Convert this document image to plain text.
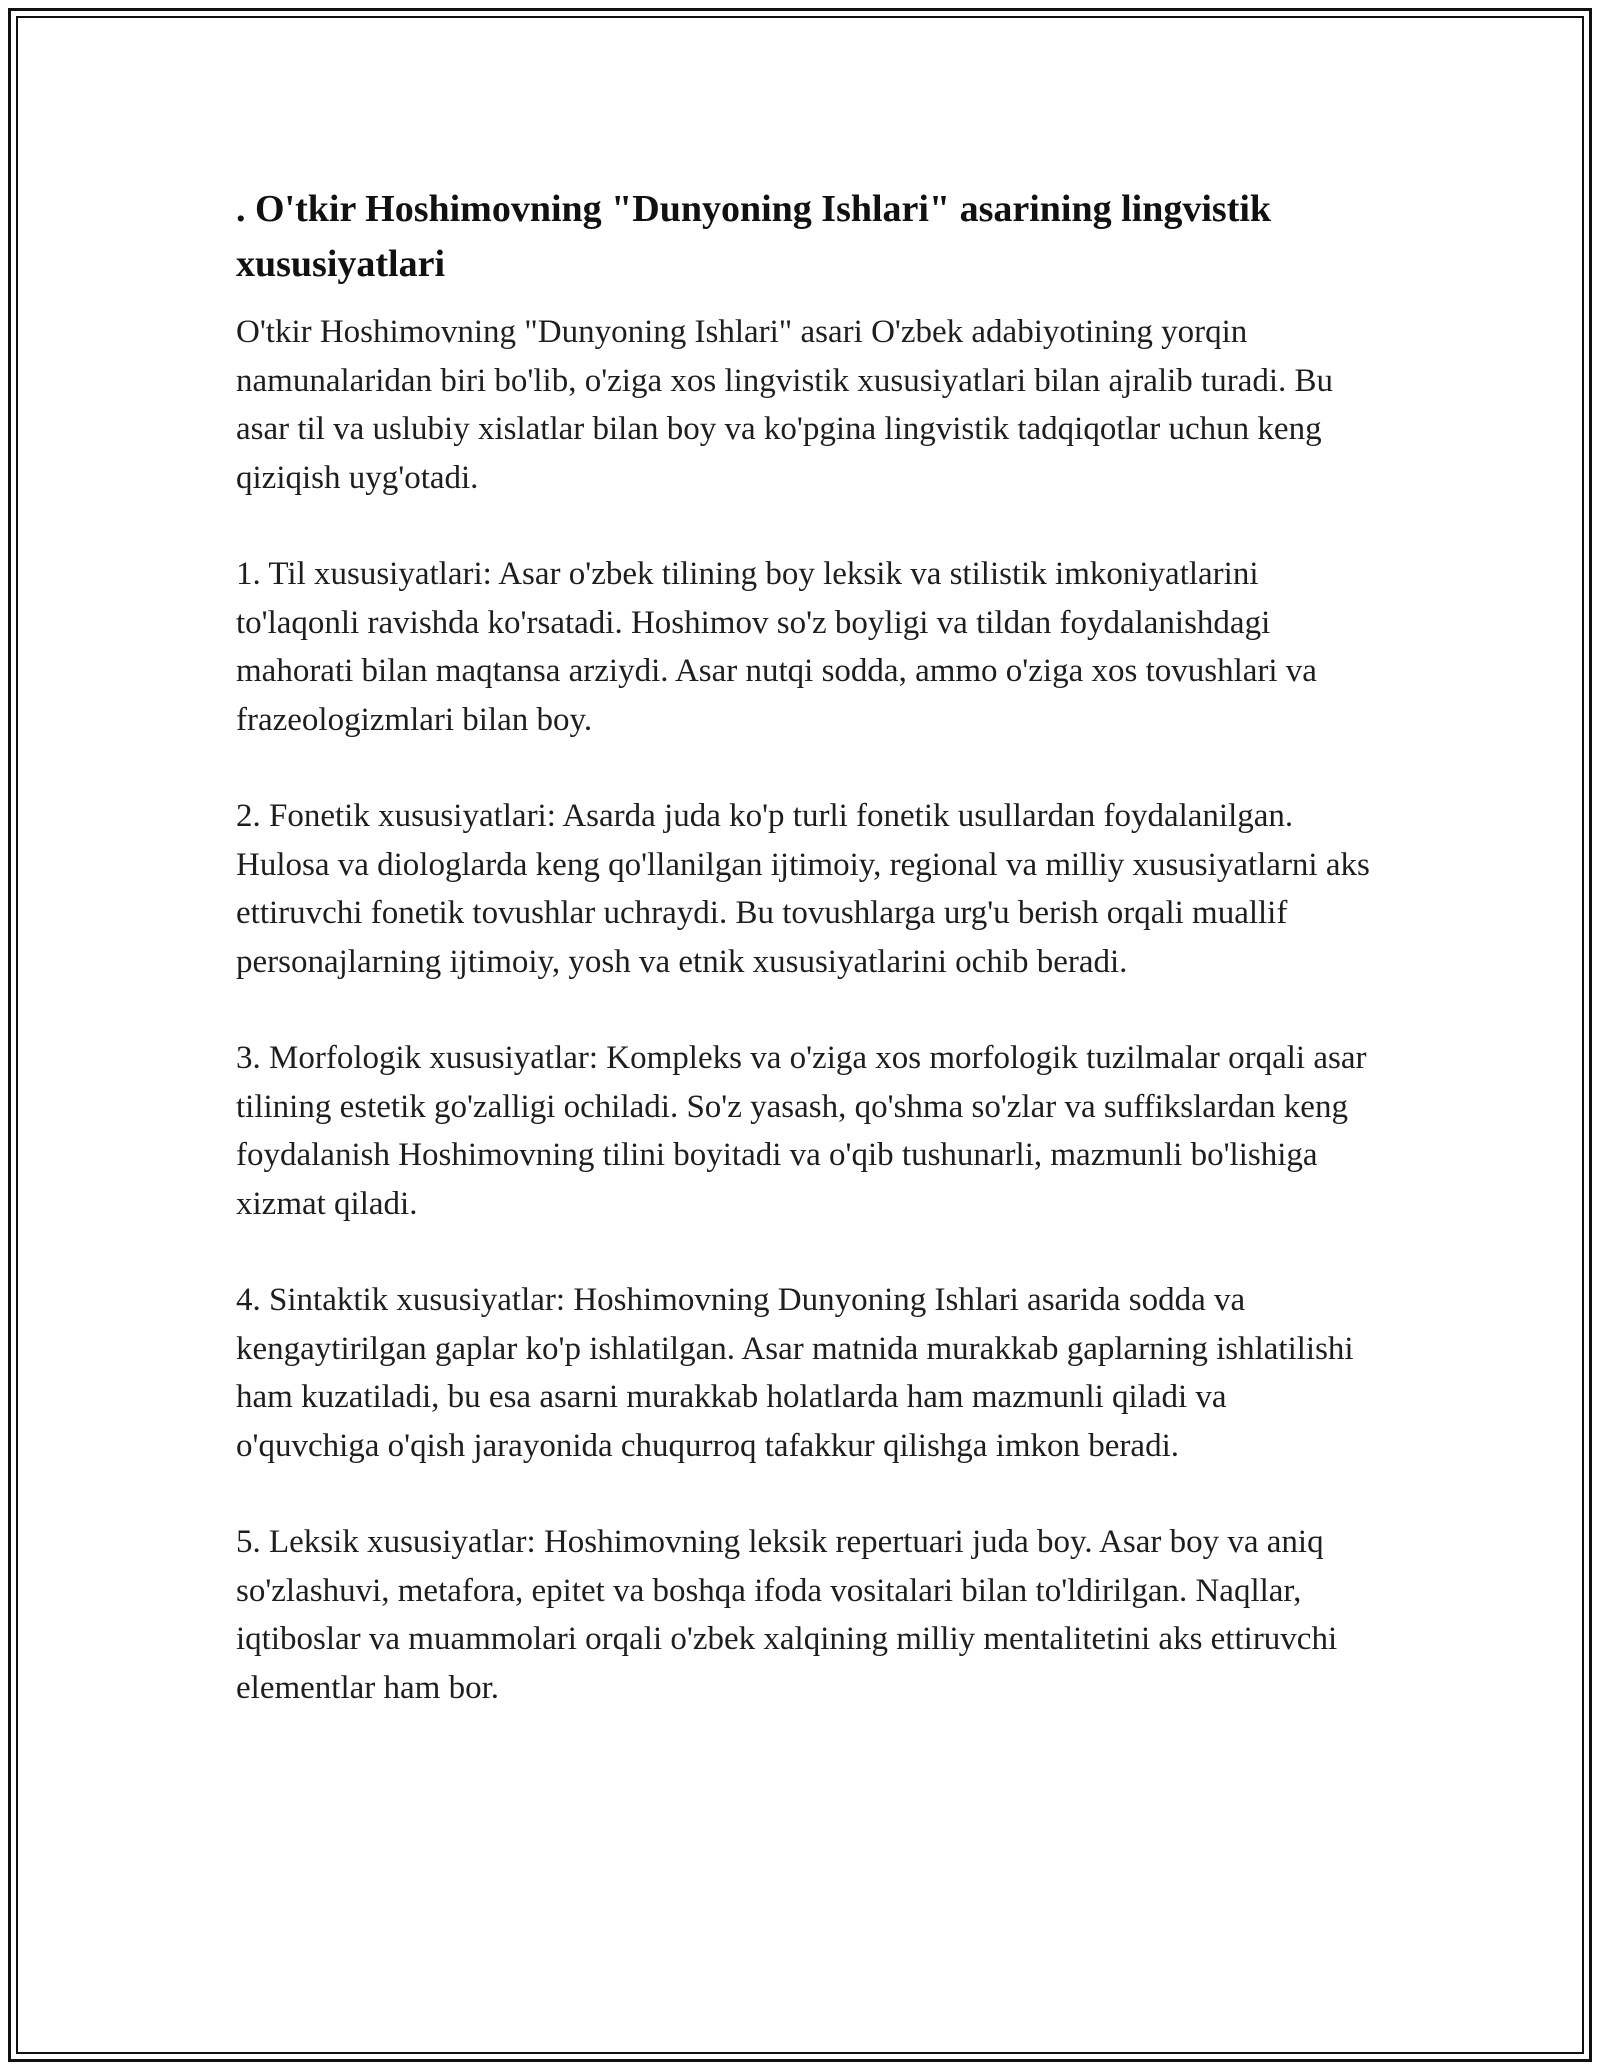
. O'tkir Hoshimovning "Dunyoning Ishlari" asarining lingvistik xususiyatlari

O'tkir Hoshimovning "Dunyoning Ishlari" asari O'zbek adabiyotining yorqin namunalaridan biri bo'lib, o'ziga xos lingvistik xususiyatlari bilan ajralib turadi. Bu asar til va uslubiy xislatlar bilan boy va ko'pgina lingvistik tadqiqotlar uchun keng qiziqish uyg'otadi.

1. Til xususiyatlari: Asar o'zbek tilining boy leksik va stilistik imkoniyatlarini to'laqonli ravishda ko'rsatadi. Hoshimov so'z boyligi va tildan foydalanishdagi mahorati bilan maqtansa arziydi. Asar nutqi sodda, ammo o'ziga xos tovushlari va frazeologizmlari bilan boy.

2. Fonetik xususiyatlari: Asarda juda ko'p turli fonetik usullardan foydalanilgan. Hulosa va diologlarda keng qo'llanilgan ijtimoiy, regional va milliy xususiyatlarni aks ettiruvchi fonetik tovushlar uchraydi. Bu tovushlarga urg'u berish orqali muallif personajlarning ijtimoiy, yosh va etnik xususiyatlarini ochib beradi.

3. Morfologik xususiyatlar: Kompleks va o'ziga xos morfologik tuzilmalar orqali asar tilining estetik go'zalligi ochiladi. So'z yasash, qo'shma so'zlar va suffikslardan keng foydalanish Hoshimovning tilini boyitadi va o'qib tushunarli, mazmunli bo'lishiga xizmat qiladi.

4. Sintaktik xususiyatlar: Hoshimovning Dunyoning Ishlari asarida sodda va kengaytirilgan gaplar ko'p ishlatilgan. Asar matnida murakkab gaplarning ishlatilishi ham kuzatiladi, bu esa asarni murakkab holatlarda ham mazmunli qiladi va o'quvchiga o'qish jarayonida chuqurroq tafakkur qilishga imkon beradi.

5. Leksik xususiyatlar: Hoshimovning leksik repertuari juda boy. Asar boy va aniq so'zlashuvi, metafora, epitet va boshqa ifoda vositalari bilan to'ldirilgan. Naqllar, iqtiboslar va muammolari orqali o'zbek xalqining milliy mentalitetini aks ettiruvchi elementlar ham bor.
